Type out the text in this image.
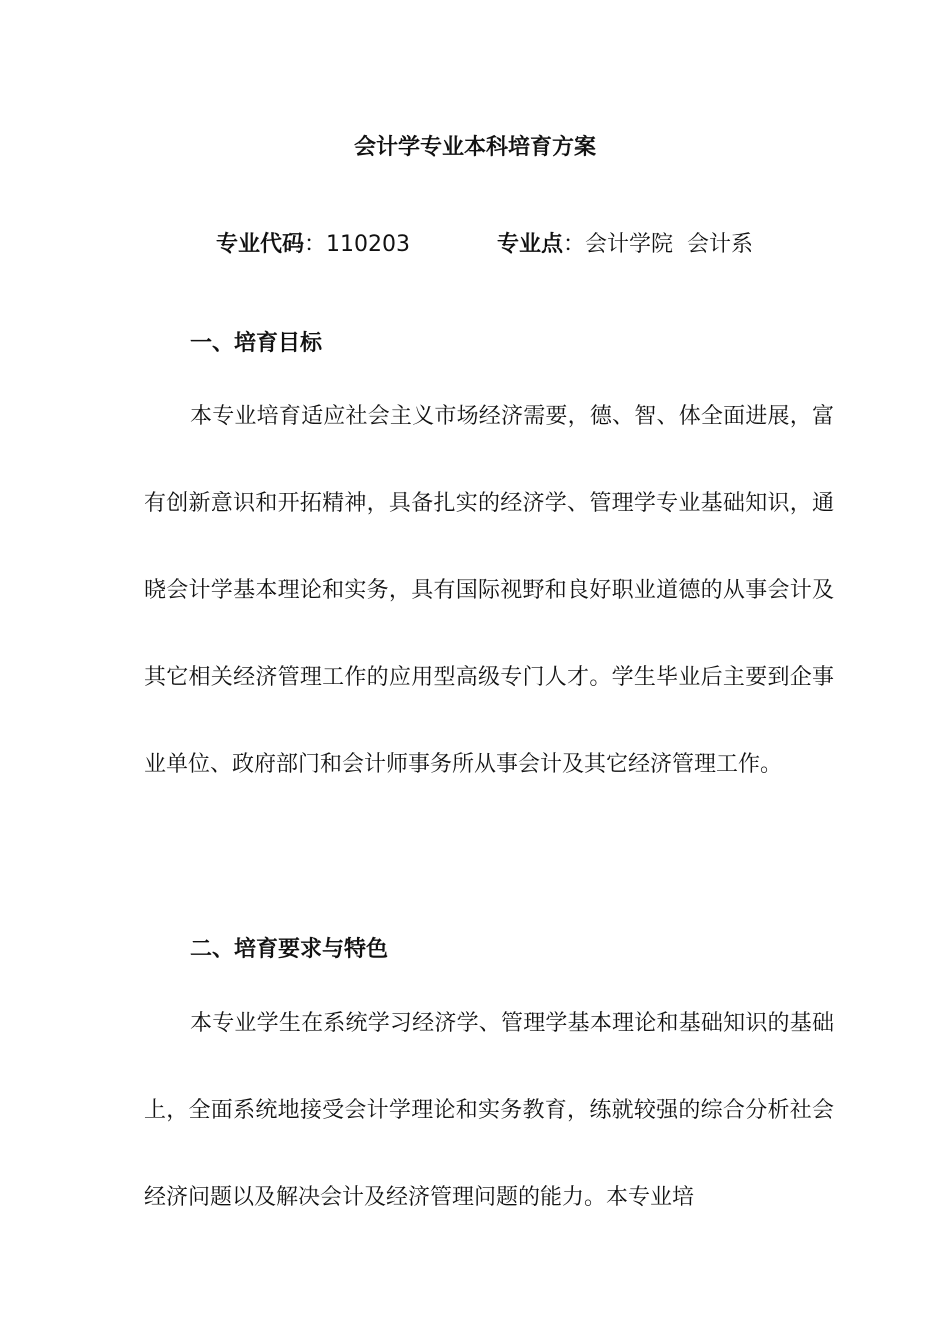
会计学专业本科培育方案
专业代码：110203	专业点：会计学院  会计系
一、培育目标

本专业培育适应社会主义市场经济需要，德、智、体全面进展，富有创新意识和开拓精神，具备扎实的经济学、管理学专业基础知识，通晓会计学基本理论和实务，具有国际视野和良好职业道德的从事会计及其它相关经济管理工作的应用型高级专门人才。学生毕业后主要到企事业单位、政府部门和会计师事务所从事会计及其它经济管理工作。

二、培育要求与特色

本专业学生在系统学习经济学、管理学基本理论和基础知识的基础上，全面系统地接受会计学理论和实务教育，练就较强的综合分析社会经济问题以及解决会计及经济管理问题的能力。本专业培
